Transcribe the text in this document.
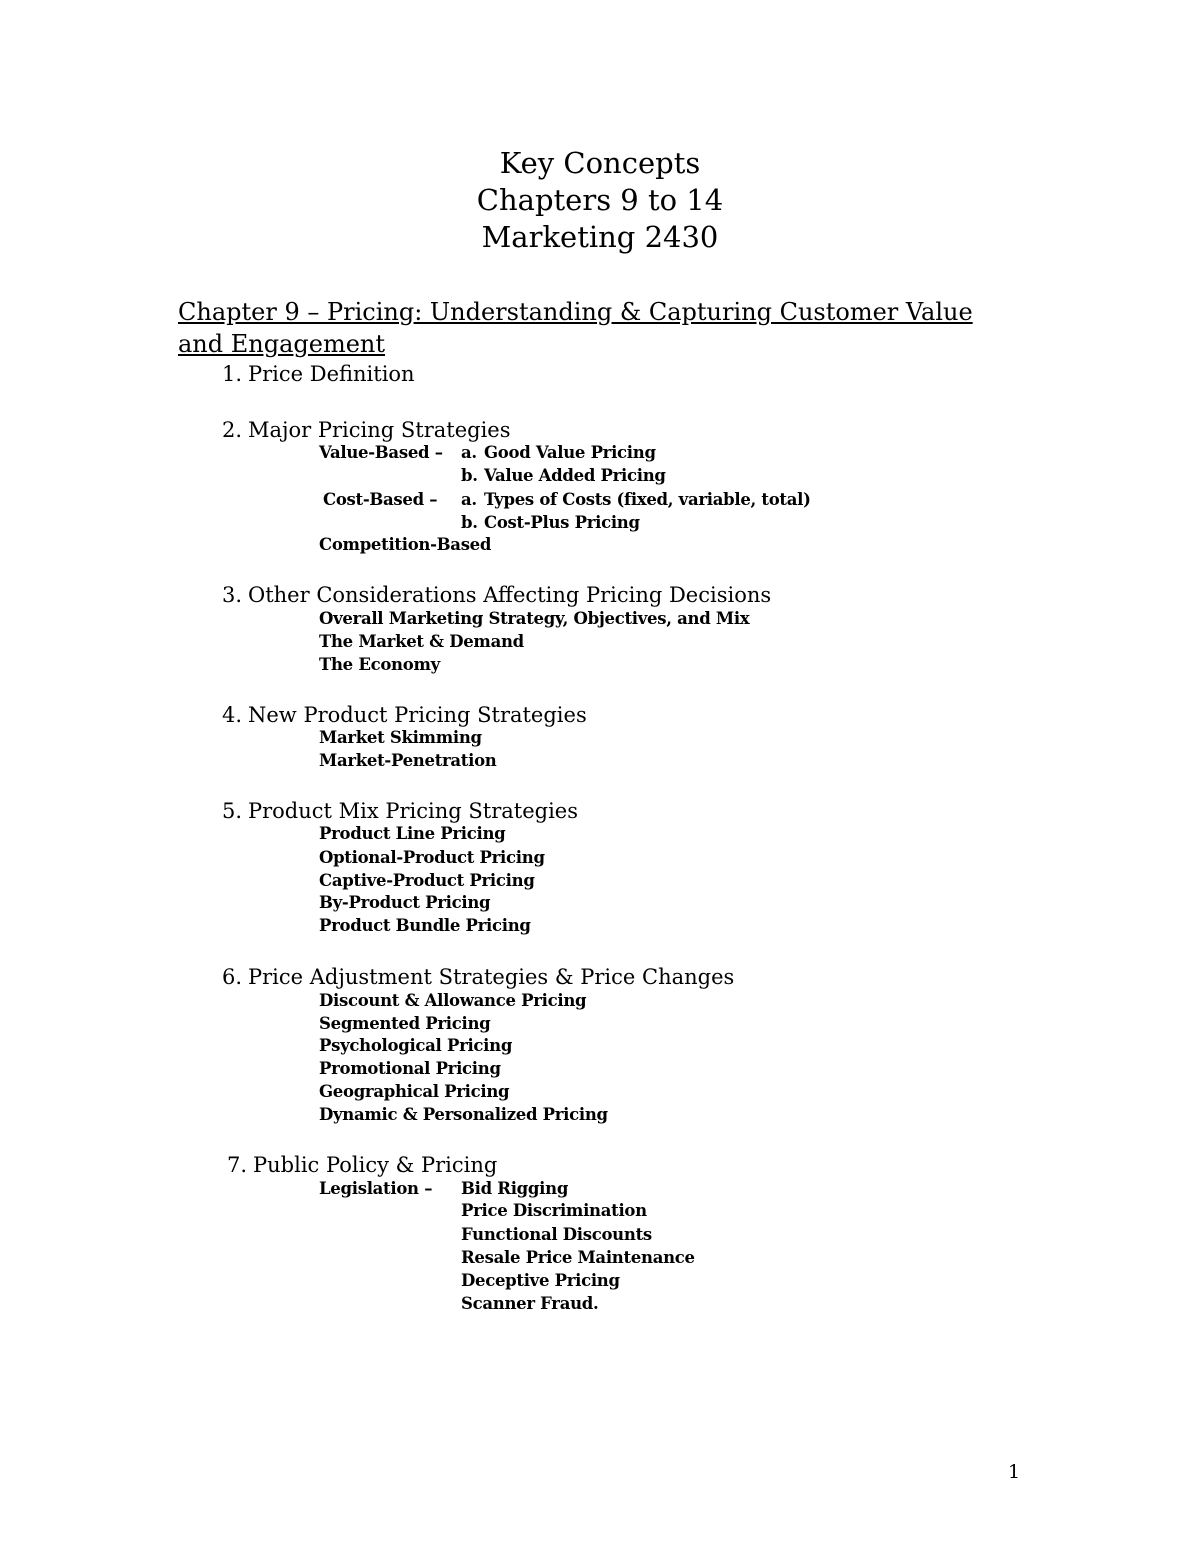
Key Concepts
Chapters 9 to 14
Marketing 2430
Chapter 9 – Pricing: Understanding & Capturing Customer Value and Engagement
1. Price Definition
2. Major Pricing Strategies
Value-Based – a. Good Value Pricing
b. Value Added Pricing
Cost-Based – a. Types of Costs (fixed, variable, total)
b. Cost-Plus Pricing
Competition-Based
3. Other Considerations Affecting Pricing Decisions
Overall Marketing Strategy, Objectives, and Mix
The Market & Demand
The Economy
4. New Product Pricing Strategies
Market Skimming
Market-Penetration
5. Product Mix Pricing Strategies
Product Line Pricing
Optional-Product Pricing
Captive-Product Pricing
By-Product Pricing
Product Bundle Pricing
6. Price Adjustment Strategies & Price Changes
Discount & Allowance Pricing
Segmented Pricing
Psychological Pricing
Promotional Pricing
Geographical Pricing
Dynamic & Personalized Pricing
7. Public Policy & Pricing
Legislation – Bid Rigging
Price Discrimination
Functional Discounts
Resale Price Maintenance
Deceptive Pricing
Scanner Fraud.
1
